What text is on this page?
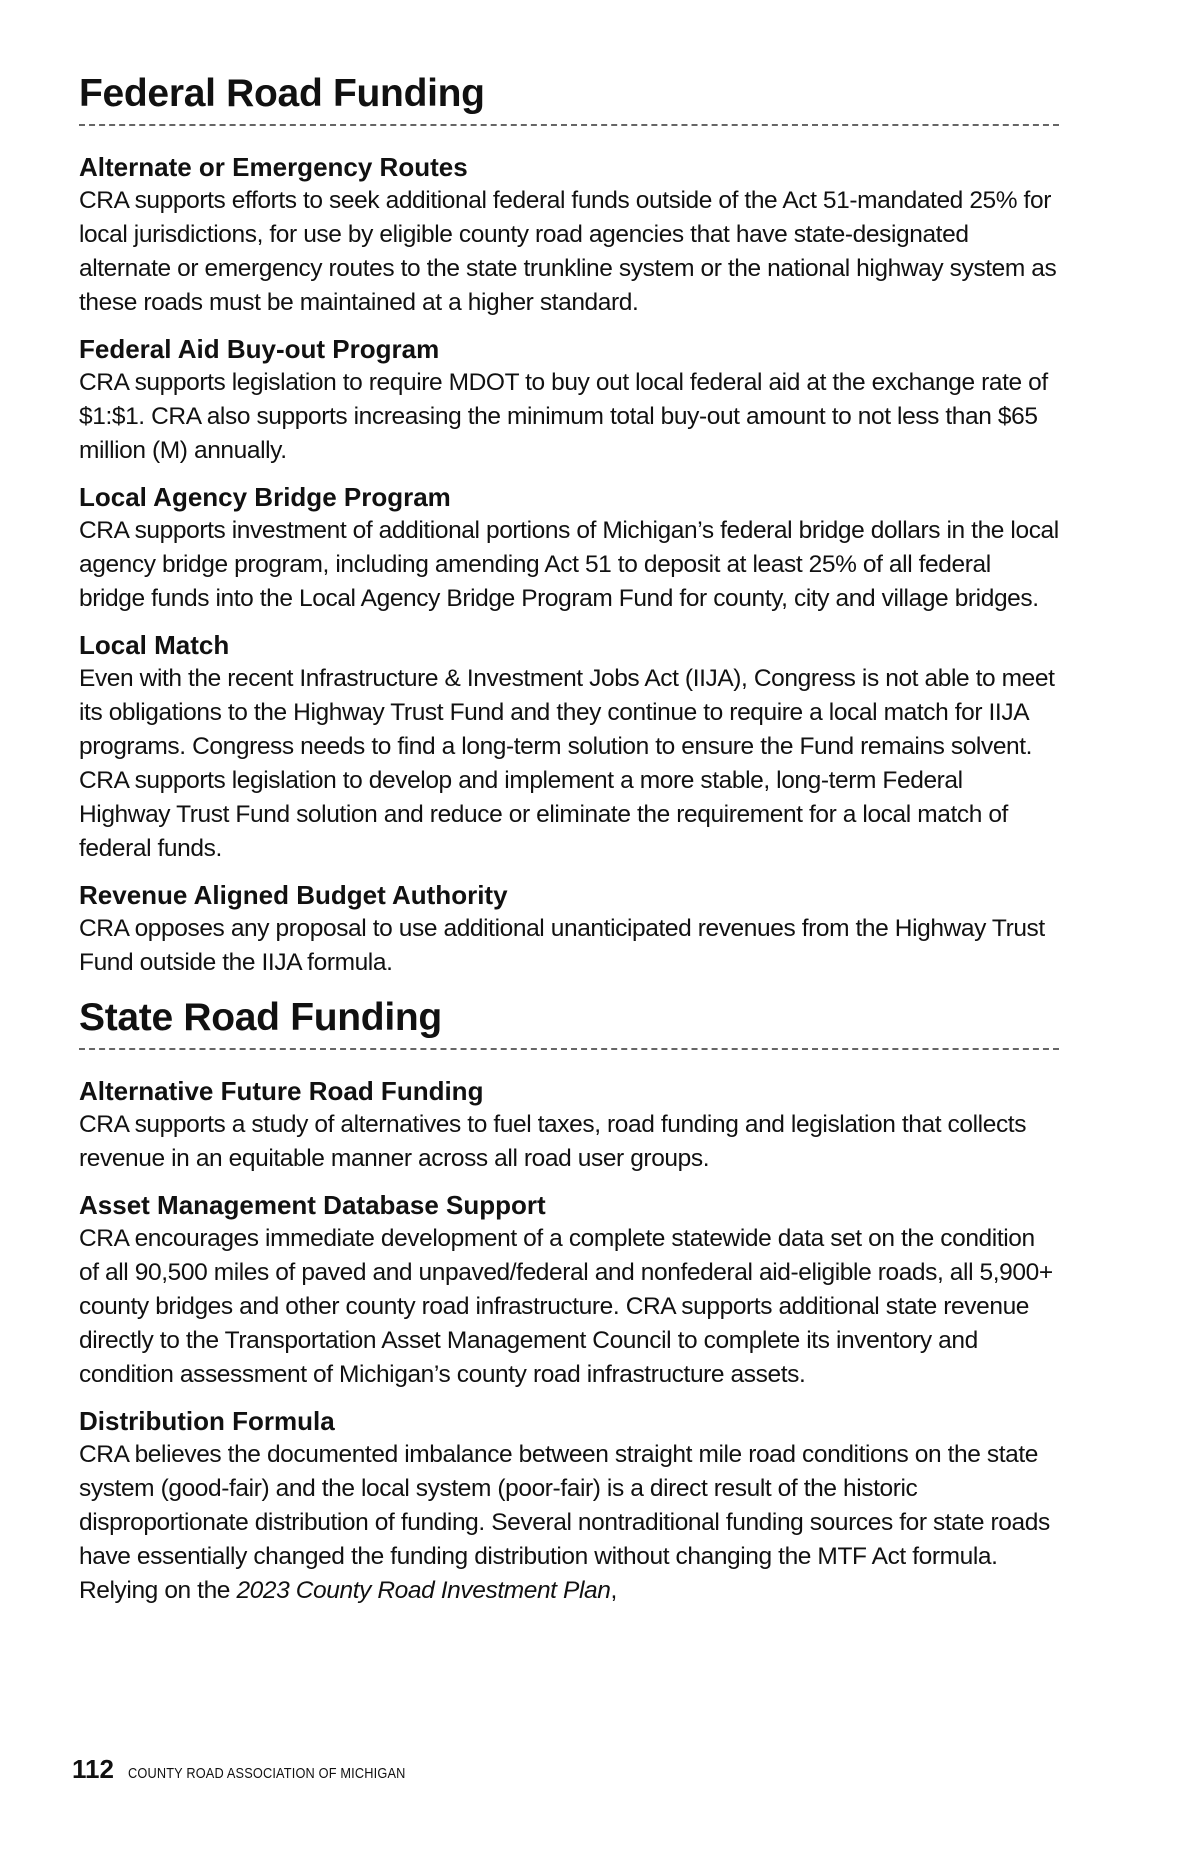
Federal Road Funding
Alternate or Emergency Routes

CRA supports efforts to seek additional federal funds outside of the Act 51-mandated 25% for local jurisdictions, for use by eligible county road agencies that have state-designated alternate or emergency routes to the state trunkline system or the national highway system as these roads must be maintained at a higher standard.

Federal Aid Buy-out Program

CRA supports legislation to require MDOT to buy out local federal aid at the exchange rate of $1:$1. CRA also supports increasing the minimum total buy-out amount to not less than $65 million (M) annually.

Local Agency Bridge Program

CRA supports investment of additional portions of Michigan’s federal bridge dollars in the local agency bridge program, including amending Act 51 to deposit at least 25% of all federal bridge funds into the Local Agency Bridge Program Fund for county, city and village bridges.

Local Match

Even with the recent Infrastructure & Investment Jobs Act (IIJA), Congress is not able to meet its obligations to the Highway Trust Fund and they continue to require a local match for IIJA programs. Congress needs to find a long-term solution to ensure the Fund remains solvent. CRA supports legislation to develop and implement a more stable, long-term Federal Highway Trust Fund solution and reduce or eliminate the requirement for a local match of federal funds.

Revenue Aligned Budget Authority

CRA opposes any proposal to use additional unanticipated revenues from the Highway Trust Fund outside the IIJA formula.

State Road Funding
Alternative Future Road Funding

CRA supports a study of alternatives to fuel taxes, road funding and legislation that collects revenue in an equitable manner across all road user groups.

Asset Management Database Support

CRA encourages immediate development of a complete statewide data set on the condition of all 90,500 miles of paved and unpaved/federal and nonfederal aid-eligible roads, all 5,900+ county bridges and other county road infrastructure. CRA supports additional state revenue directly to the Transportation Asset Management Council to complete its inventory and condition assessment of Michigan’s county road infrastructure assets.

Distribution Formula

CRA believes the documented imbalance between straight mile road conditions on the state system (good-fair) and the local system (poor-fair) is a direct result of the historic disproportionate distribution of funding. Several nontraditional funding sources for state roads have essentially changed the funding distribution without changing the MTF Act formula. Relying on the 2023 County Road Investment Plan,

112 COUNTY ROAD ASSOCIATION OF MICHIGAN
